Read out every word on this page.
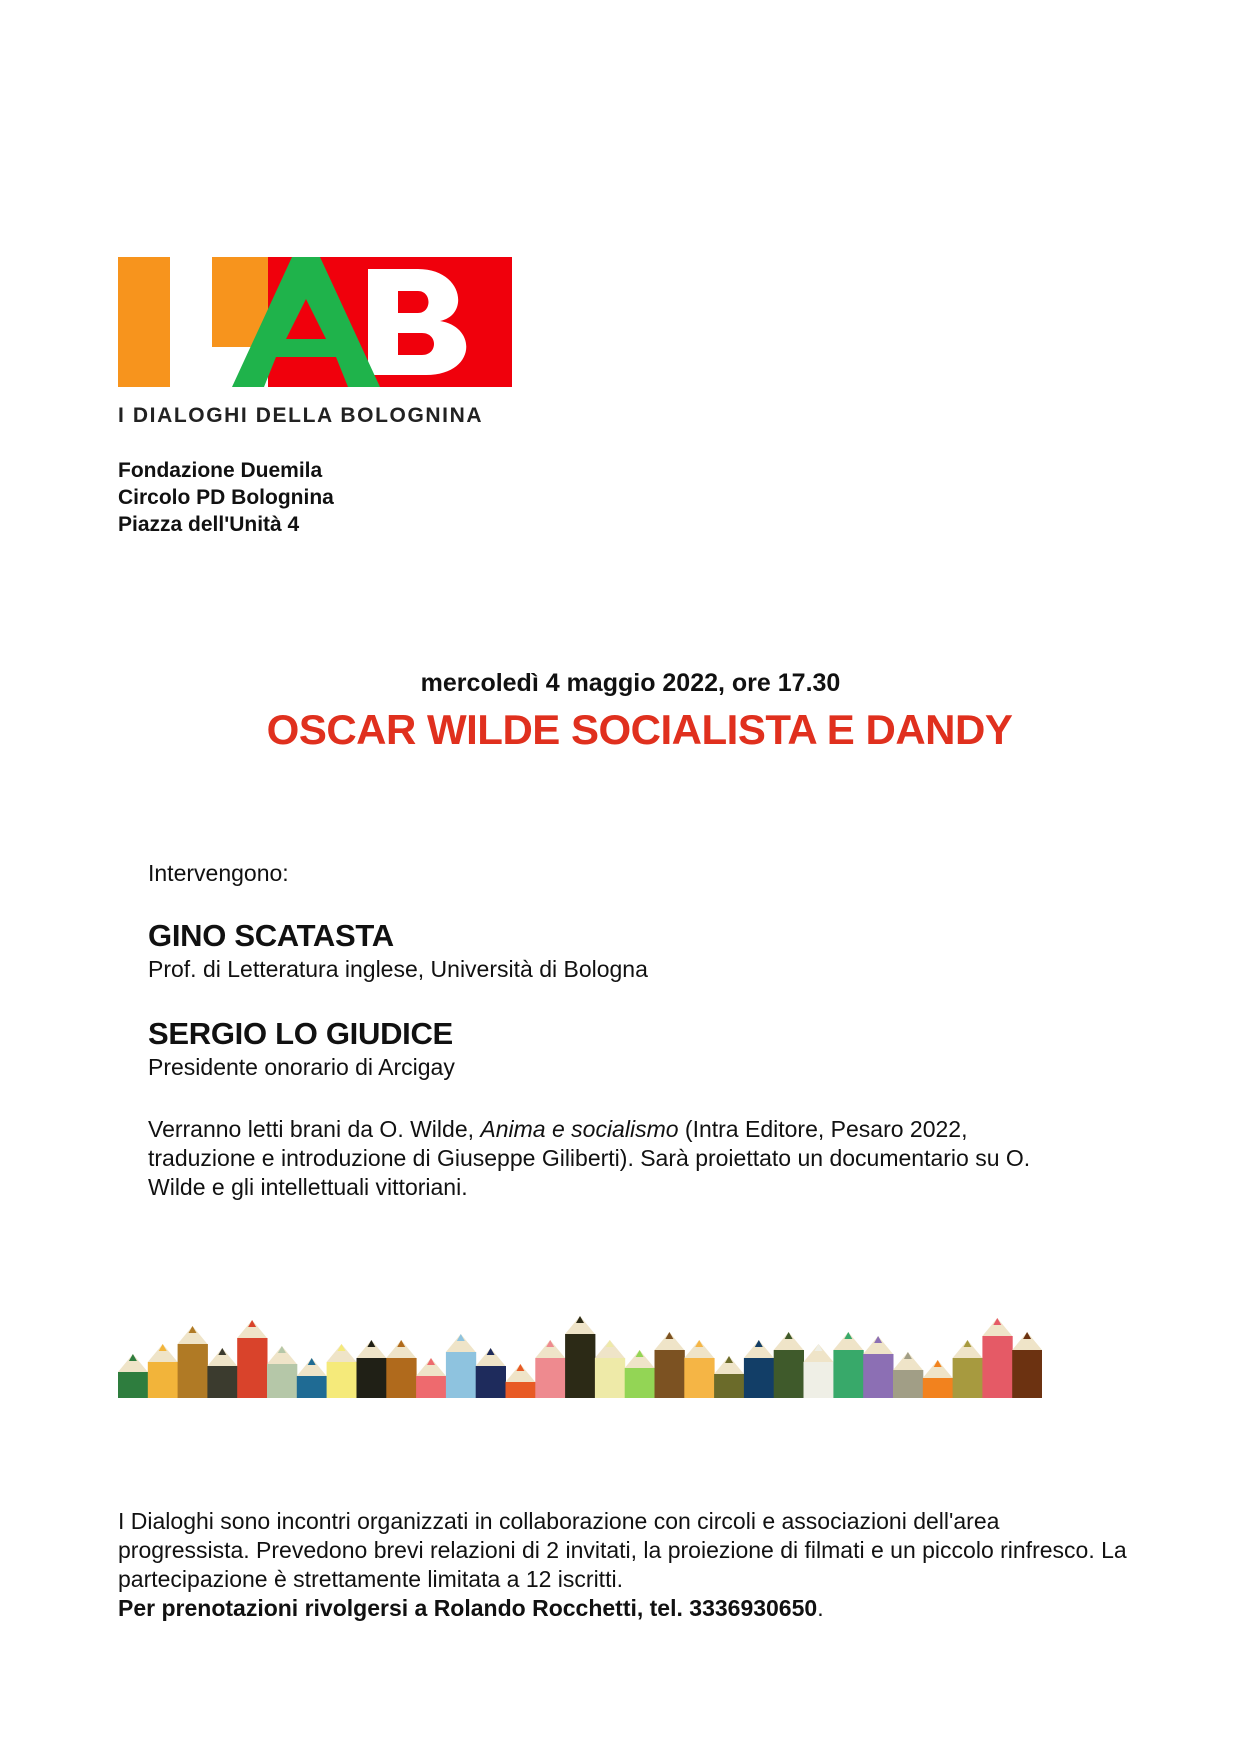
I DIALOGHI DELLA BOLOGNINA
Fondazione Duemila
Circolo PD Bolognina
Piazza dell'Unità 4
mercoledì 4 maggio 2022, ore 17.30
OSCAR WILDE SOCIALISTA E DANDY
Intervengono:
GINO SCATASTA
Prof. di Letteratura inglese, Università di Bologna
SERGIO LO GIUDICE
Presidente onorario di Arcigay
Verranno letti brani da O. Wilde, Anima e socialismo (Intra Editore, Pesaro 2022, traduzione e introduzione di Giuseppe Giliberti). Sarà proiettato un documentario su O. Wilde e gli intellettuali vittoriani.
I Dialoghi sono incontri organizzati in collaborazione con circoli e associazioni dell'area progressista. Prevedono brevi relazioni di 2 invitati, la proiezione di filmati e un piccolo rinfresco. La partecipazione è strettamente limitata a 12 iscritti.
Per prenotazioni rivolgersi a Rolando Rocchetti, tel. 3336930650.
